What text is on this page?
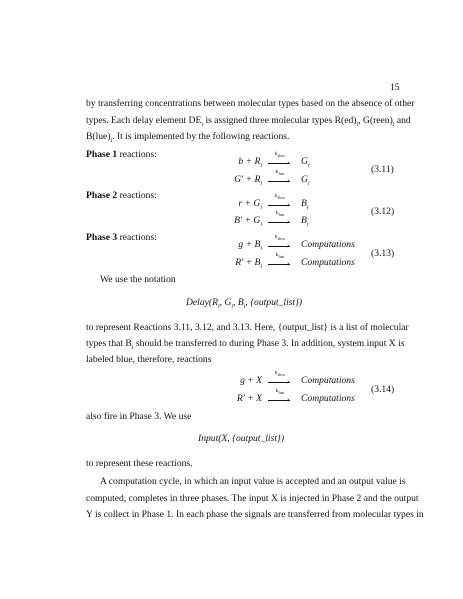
15
by transferring concentrations between molecular types based on the absence of other
types. Each delay element $DE_i$ is assigned three molecular types $R(ed)_i$, $G(reen)_i$ and
$B(lue)_i$. It is implemented by the following reactions.
Phase 1 reactions:
$b + R_i$
$k_{slow}$
› $G_i$
$G' + R_i$
$k_{fast}$
› $G_i$
(3.11)
Phase 2 reactions:
$r + G_i$
$k_{slow}$
› $B_i$
$B' + G_i$
$k_{fast}$
› $B_i$
(3.12)
Phase 3 reactions:
$g + B_i$
$k_{slow}$
› Computations
$R' + B_i$
$k_{fast}$
› Computations
(3.13)
We use the notation
$Delay(R_i$, $G_i$, $B_i$, {output_list})
to represent Reactions 3.11, 3.12, and 3.13. Here, {output_list} is a list of molecular
types that $B_i$ should be transferred to during Phase 3. In addition, system input X is
labeled blue, therefore, reactions
g + X
$k_{slow}$
› Computations
R′ + X
$k_{fast}$
› Computations
(3.14)
also fire in Phase 3. We use
Input(X, {output_list})
to represent these reactions.
A computation cycle, in which an input value is accepted and an output value is
computed, completes in three phases. The input X is injected in Phase 2 and the output
Y is collect in Phase 1. In each phase the signals are transferred from molecular types in
